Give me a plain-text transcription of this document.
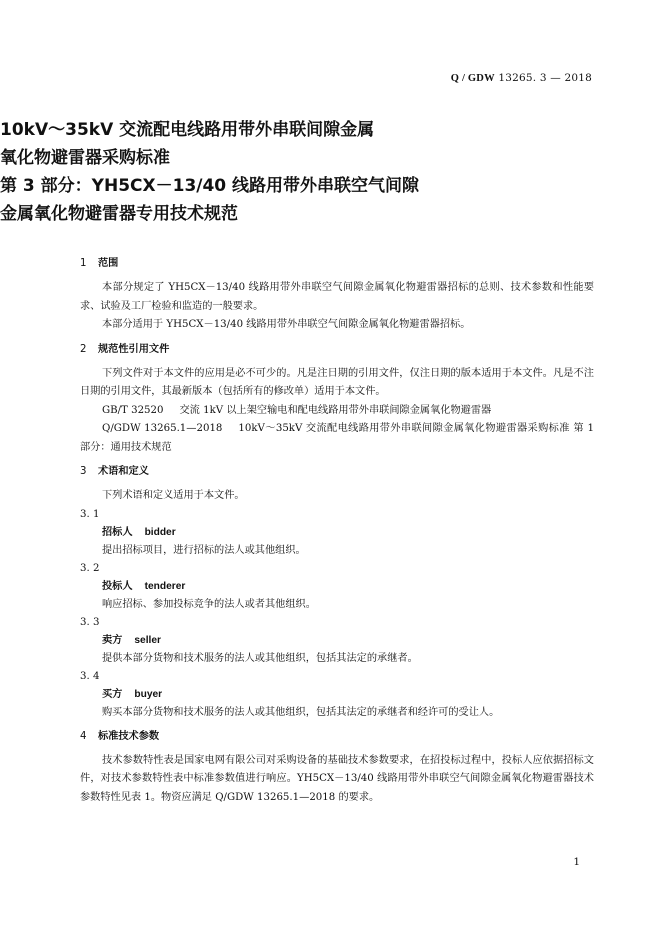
Q / GDW 13265. 3 — 2018

10kV～35kV 交流配电线路用带外串联间隙金属

氧化物避雷器采购标准

第 3 部分：YH5CX－13/40 线路用带外串联空气间隙

金属氧化物避雷器专用技术规范

1 范围

本部分规定了 YH5CX－13/40 线路用带外串联空气间隙金属氧化物避雷器招标的总则、技术参数和性能要求、试验及工厂检验和监造的一般要求。

本部分适用于 YH5CX－13/40 线路用带外串联空气间隙金属氧化物避雷器招标。

2 规范性引用文件

下列文件对于本文件的应用是必不可少的。凡是注日期的引用文件，仅注日期的版本适用于本文件。凡是不注日期的引用文件，其最新版本（包括所有的修改单）适用于本文件。

GB/T 32520 交流 1kV 以上架空输电和配电线路用带外串联间隙金属氧化物避雷器

Q/GDW 13265.1—2018 10kV～35kV 交流配电线路用带外串联间隙金属氧化物避雷器采购标准 第 1 部分：通用技术规范

3 术语和定义

下列术语和定义适用于本文件。

3. 1

招标人 bidder

提出招标项目，进行招标的法人或其他组织。

3. 2

投标人 tenderer

响应招标、参加投标竞争的法人或者其他组织。

3. 3

卖方 seller

提供本部分货物和技术服务的法人或其他组织，包括其法定的承继者。

3. 4

买方 buyer

购买本部分货物和技术服务的法人或其他组织，包括其法定的承继者和经许可的受让人。

4 标准技术参数

技术参数特性表是国家电网有限公司对采购设备的基础技术参数要求，在招投标过程中，投标人应依据招标文件，对技术参数特性表中标准参数值进行响应。YH5CX－13/40 线路用带外串联空气间隙金属氧化物避雷器技术参数特性见表 1。物资应满足 Q/GDW 13265.1—2018 的要求。

1
